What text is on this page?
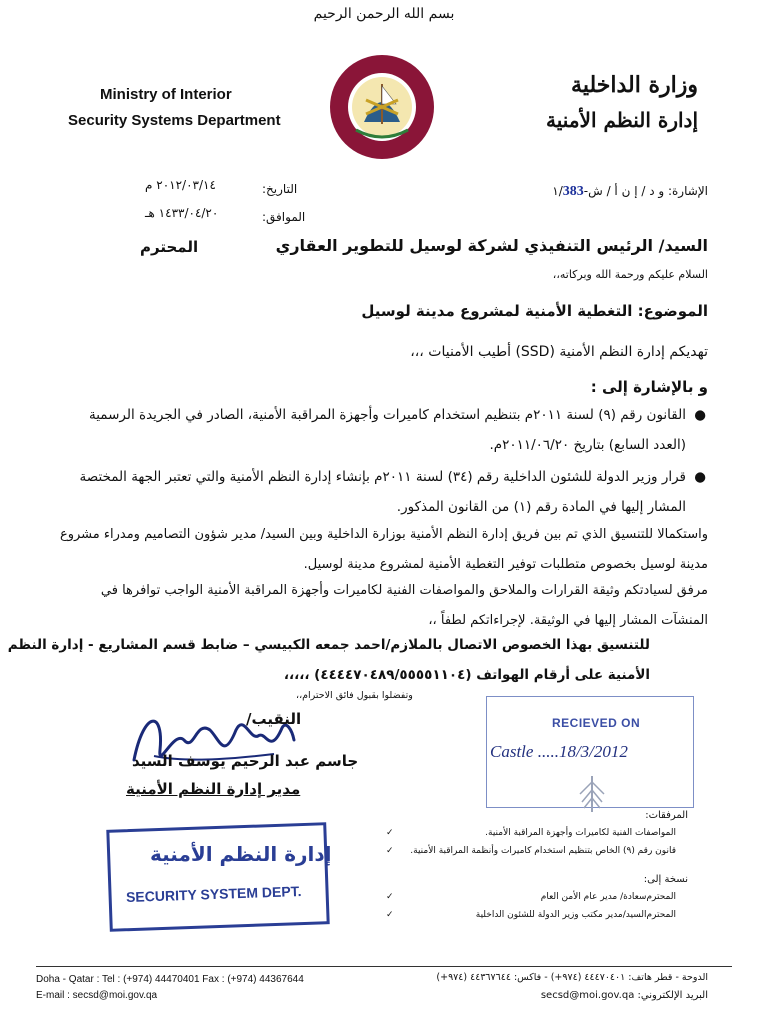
بسم الله الرحمن الرحيم
Ministry of Interior
Security Systems Department
وزارة الداخلية
إدارة النظم الأمنية
الإشارة: و د / إ ن أ / ش-١/383
التاريخ:
٢٠١٢/٠٣/١٤ م
الموافق:
١٤٣٣/٠٤/٢٠ هـ
السيد/ الرئيس التنفيذي لشركة لوسيل للتطوير العقاري
المحترم
السلام عليكم ورحمة الله وبركاته،،
الموضوع: التغطية الأمنية لمشروع مدينة لوسيل
تهديكم إدارة النظم الأمنية (SSD) أطيب الأمنيات ،،،
و بالإشارة إلى :
●
القانون رقم (٩) لسنة ٢٠١١م بتنظيم استخدام كاميرات وأجهزة المراقبة الأمنية، الصادر في الجريدة الرسمية (العدد السابع) بتاريخ ٢٠١١/٠٦/٢٠م.
●
قرار وزير الدولة للشئون الداخلية رقم (٣٤) لسنة ٢٠١١م بإنشاء إدارة النظم الأمنية والتي تعتبر الجهة المختصة المشار إليها في المادة رقم (١) من القانون المذكور.
واستكمالا للتنسيق الذي تم بين فريق إدارة النظم الأمنية بوزارة الداخلية وبين السيد/ مدير شؤون التصاميم ومدراء مشروع مدينة لوسيل بخصوص متطلبات توفير التغطية الأمنية لمشروع مدينة لوسيل.
مرفق لسيادتكم وثيقة القرارات والملاحق والمواصفات الفنية لكاميرات وأجهزة المراقبة الأمنية الواجب توافرها في المنشآت المشار إليها في الوثيقة. لإجراءاتكم لطفاً ،،
للتنسيق بهذا الخصوص الاتصال بالملازم/احمد جمعه الكبيسي – ضابط قسم المشاريع - إدارة النظم الأمنية على أرقام الهواتف (٤٤٤٤٧٠٤٨٩/٥٥٥٥١١٠٤) ،،،،،
وتفضلوا بقبول فائق الاحترام،،
النقيب/
جاسم عبد الرحيم يوسف السيد
مدير إدارة النظم الأمنية
RECIEVED ON
Castle .....18/3/2012
المرفقات:
✓	المواصفات الفنية لكاميرات وأجهزة المراقبة الأمنية.
✓	قانون رقم (٩) الخاص بتنظيم استخدام كاميرات وأنظمة المراقبة الأمنية.
نسخة إلى:
✓	سعادة/ مدير عام الأمن العام المحترم
✓	السيد/مدير مكتب وزير الدولة للشئون الداخلية المحترم
إدارة النظم الأمنية
SECURITY SYSTEM DEPT.
Doha - Qatar : Tel : (+974) 44470401 Fax : (+974) 44367644
E-mail : secsd@moi.gov.qa
الدوحة - قطر هاتف: ٤٤٤٧٠٤٠١ (٩٧٤+) - فاكس: ٤٤٣٦٧٦٤٤ (٩٧٤+)
البريد الإلكتروني: secsd@moi.gov.qa
